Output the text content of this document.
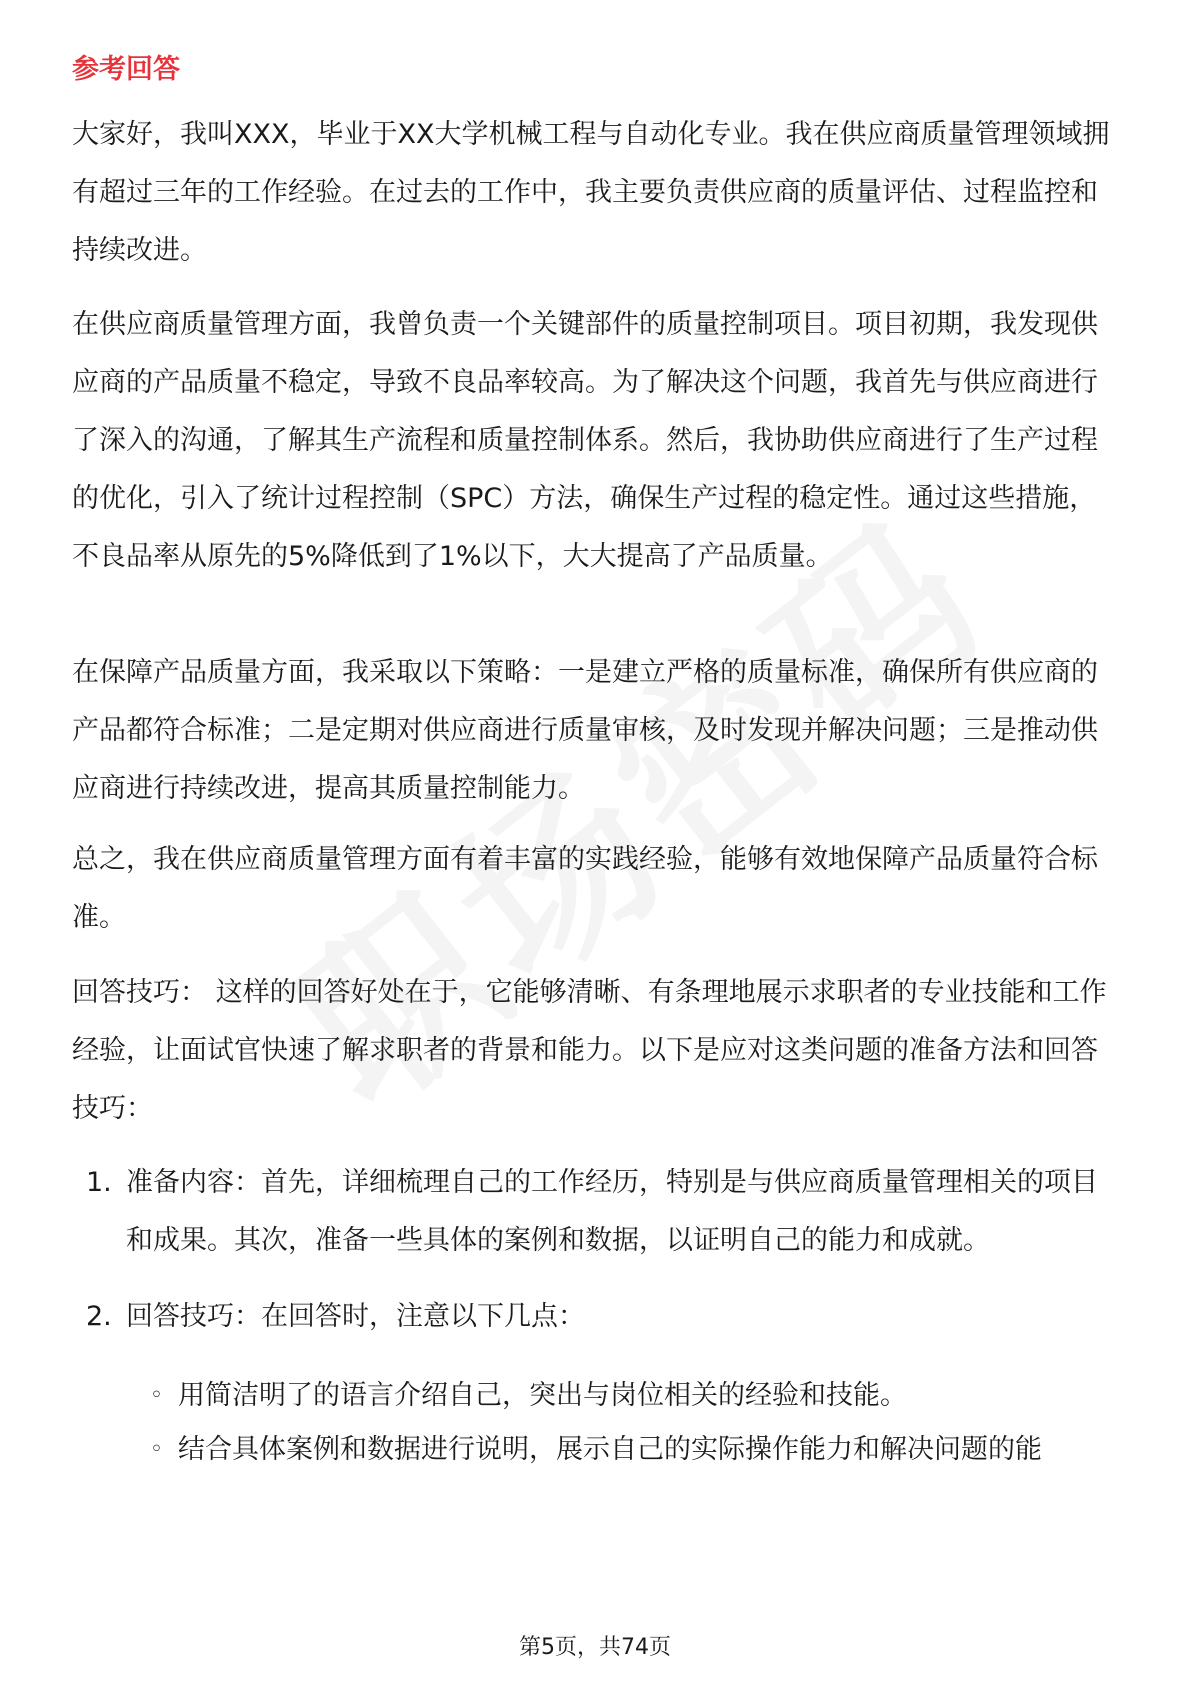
参考回答

大家好，我叫XXX，毕业于XX大学机械工程与自动化专业。我在供应商质量管理领域拥有超过三年的工作经验。在过去的工作中，我主要负责供应商的质量评估、过程监控和持续改进。

在供应商质量管理方面，我曾负责一个关键部件的质量控制项目。项目初期，我发现供应商的产品质量不稳定，导致不良品率较高。为了解决这个问题，我首先与供应商进行了深入的沟通，了解其生产流程和质量控制体系。然后，我协助供应商进行了生产过程的优化，引入了统计过程控制（SPC）方法，确保生产过程的稳定性。通过这些措施，不良品率从原先的5%降低到了1%以下，大大提高了产品质量。

在保障产品质量方面，我采取以下策略：一是建立严格的质量标准，确保所有供应商的产品都符合标准；二是定期对供应商进行质量审核，及时发现并解决问题；三是推动供应商进行持续改进，提高其质量控制能力。

总之，我在供应商质量管理方面有着丰富的实践经验，能够有效地保障产品质量符合标准。

回答技巧： 这样的回答好处在于，它能够清晰、有条理地展示求职者的专业技能和工作经验，让面试官快速了解求职者的背景和能力。以下是应对这类问题的准备方法和回答技巧：

1. 准备内容：首先，详细梳理自己的工作经历，特别是与供应商质量管理相关的项目和成果。其次，准备一些具体的案例和数据，以证明自己的能力和成就。
2. 回答技巧：在回答时，注意以下几点：
◦ 用简洁明了的语言介绍自己，突出与岗位相关的经验和技能。
◦ 结合具体案例和数据进行说明，展示自己的实际操作能力和解决问题的能
第5页，共74页
